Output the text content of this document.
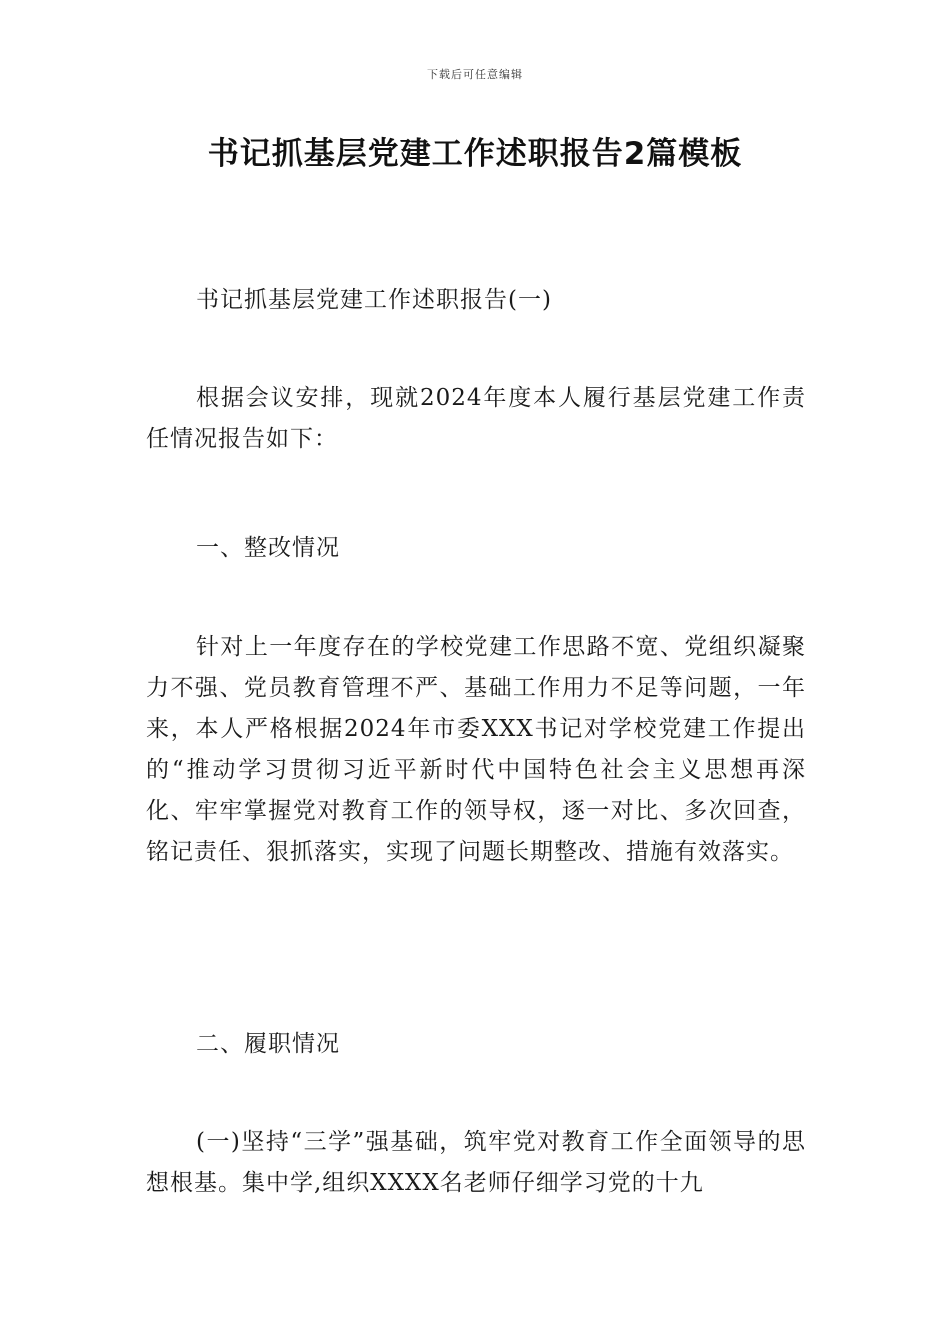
下载后可任意编辑
书记抓基层党建工作述职报告2篇模板

书记抓基层党建工作述职报告(一)

根据会议安排，现就2024年度本人履行基层党建工作责任情况报告如下：

一、整改情况

针对上一年度存在的学校党建工作思路不宽、党组织凝聚力不强、党员教育管理不严、基础工作用力不足等问题，一年来，本人严格根据2024年市委XXX书记对学校党建工作提出的“推动学习贯彻习近平新时代中国特色社会主义思想再深化、牢牢掌握党对教育工作的领导权，逐一对比、多次回查，铭记责任、狠抓落实，实现了问题长期整改、措施有效落实。

二、履职情况

(一)坚持“三学”强基础，筑牢党对教育工作全面领导的思想根基。集中学,组织XXXX名老师仔细学习党的十九
